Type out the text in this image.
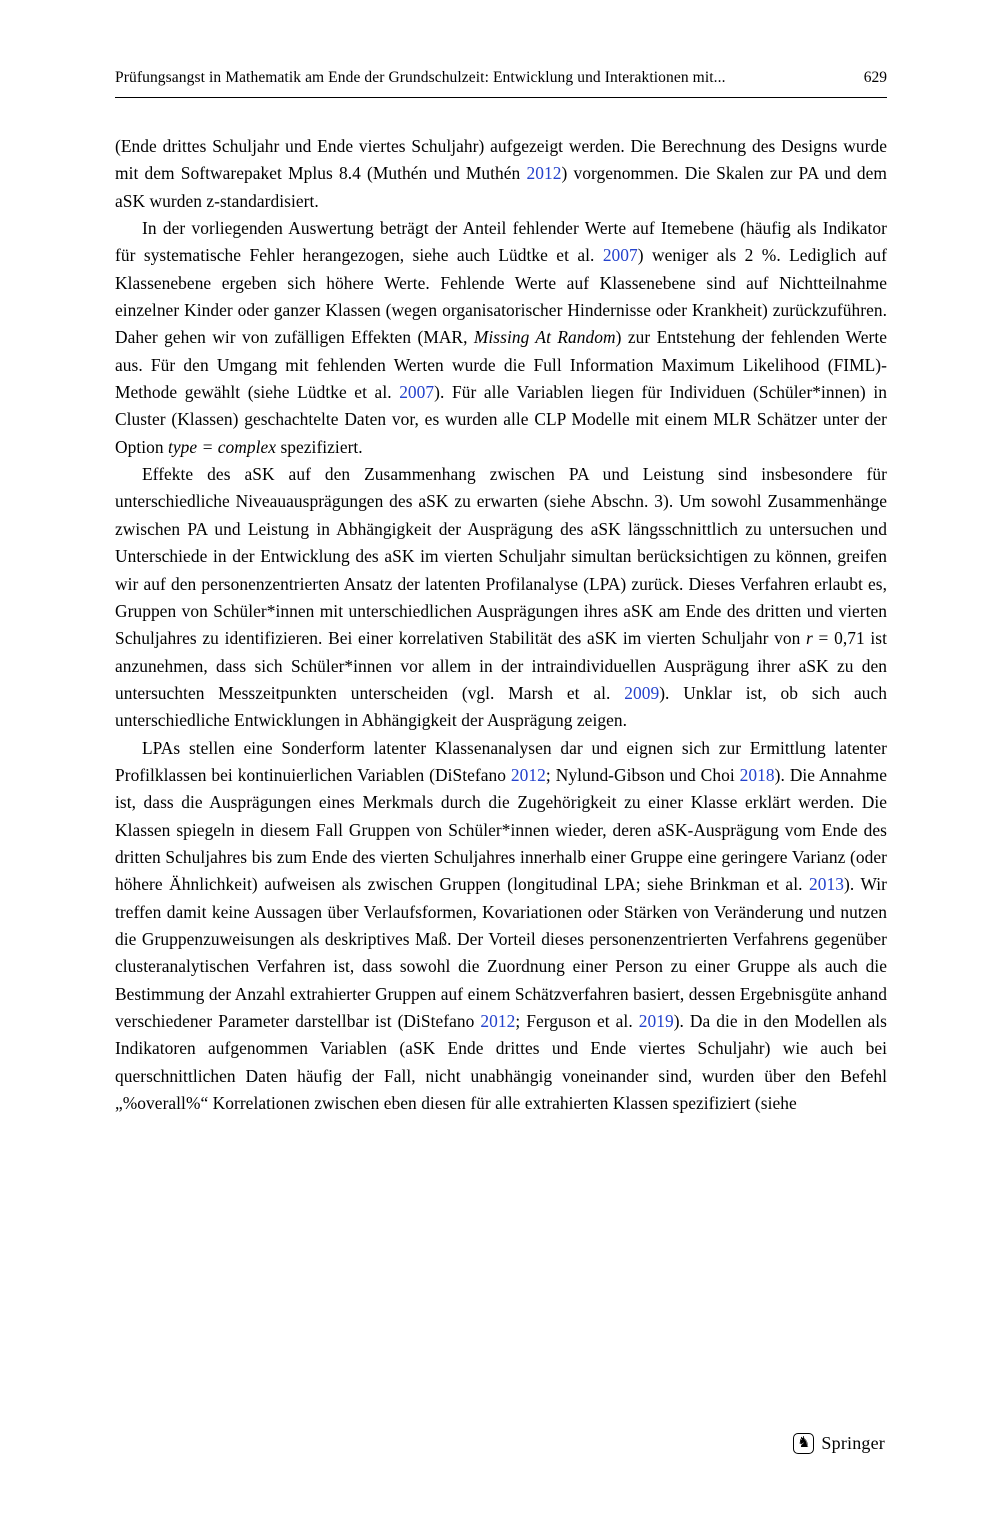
Prüfungsangst in Mathematik am Ende der Grundschulzeit: Entwicklung und Interaktionen mit...	629

(Ende drittes Schuljahr und Ende viertes Schuljahr) aufgezeigt werden. Die Berechnung des Designs wurde mit dem Softwarepaket Mplus 8.4 (Muthén und Muthén 2012) vorgenommen. Die Skalen zur PA und dem aSK wurden z-standardisiert.

In der vorliegenden Auswertung beträgt der Anteil fehlender Werte auf Itemebene (häufig als Indikator für systematische Fehler herangezogen, siehe auch Lüdtke et al. 2007) weniger als 2 %. Lediglich auf Klassenebene ergeben sich höhere Werte. Fehlende Werte auf Klassenebene sind auf Nichtteilnahme einzelner Kinder oder ganzer Klassen (wegen organisatorischer Hindernisse oder Krankheit) zurückzuführen. Daher gehen wir von zufälligen Effekten (MAR, Missing At Random) zur Entstehung der fehlenden Werte aus. Für den Umgang mit fehlenden Werten wurde die Full Information Maximum Likelihood (FIML)-Methode gewählt (siehe Lüdtke et al. 2007). Für alle Variablen liegen für Individuen (Schüler*innen) in Cluster (Klassen) geschachtelte Daten vor, es wurden alle CLP Modelle mit einem MLR Schätzer unter der Option type = complex spezifiziert.

Effekte des aSK auf den Zusammenhang zwischen PA und Leistung sind insbesondere für unterschiedliche Niveauausprägungen des aSK zu erwarten (siehe Abschn. 3). Um sowohl Zusammenhänge zwischen PA und Leistung in Abhängigkeit der Ausprägung des aSK längsschnittlich zu untersuchen und Unterschiede in der Entwicklung des aSK im vierten Schuljahr simultan berücksichtigen zu können, greifen wir auf den personenzentrierten Ansatz der latenten Profilanalyse (LPA) zurück. Dieses Verfahren erlaubt es, Gruppen von Schüler*innen mit unterschiedlichen Ausprägungen ihres aSK am Ende des dritten und vierten Schuljahres zu identifizieren. Bei einer korrelativen Stabilität des aSK im vierten Schuljahr von r = 0,71 ist anzunehmen, dass sich Schüler*innen vor allem in der intraindividuellen Ausprägung ihrer aSK zu den untersuchten Messzeitpunkten unterscheiden (vgl. Marsh et al. 2009). Unklar ist, ob sich auch unterschiedliche Entwicklungen in Abhängigkeit der Ausprägung zeigen.

LPAs stellen eine Sonderform latenter Klassenanalysen dar und eignen sich zur Ermittlung latenter Profilklassen bei kontinuierlichen Variablen (DiStefano 2012; Nylund-Gibson und Choi 2018). Die Annahme ist, dass die Ausprägungen eines Merkmals durch die Zugehörigkeit zu einer Klasse erklärt werden. Die Klassen spiegeln in diesem Fall Gruppen von Schüler*innen wieder, deren aSK-Ausprägung vom Ende des dritten Schuljahres bis zum Ende des vierten Schuljahres innerhalb einer Gruppe eine geringere Varianz (oder höhere Ähnlichkeit) aufweisen als zwischen Gruppen (longitudinal LPA; siehe Brinkman et al. 2013). Wir treffen damit keine Aussagen über Verlaufsformen, Kovariationen oder Stärken von Veränderung und nutzen die Gruppenzuweisungen als deskriptives Maß. Der Vorteil dieses personenzentrierten Verfahrens gegenüber clusteranalytischen Verfahren ist, dass sowohl die Zuordnung einer Person zu einer Gruppe als auch die Bestimmung der Anzahl extrahierter Gruppen auf einem Schätzverfahren basiert, dessen Ergebnisgüte anhand verschiedener Parameter darstellbar ist (DiStefano 2012; Ferguson et al. 2019). Da die in den Modellen als Indikatoren aufgenommen Variablen (aSK Ende drittes und Ende viertes Schuljahr) wie auch bei querschnittlichen Daten häufig der Fall, nicht unabhängig voneinander sind, wurden über den Befehl „%overall%“ Korrelationen zwischen eben diesen für alle extrahierten Klassen spezifiziert (siehe

♞ Springer
